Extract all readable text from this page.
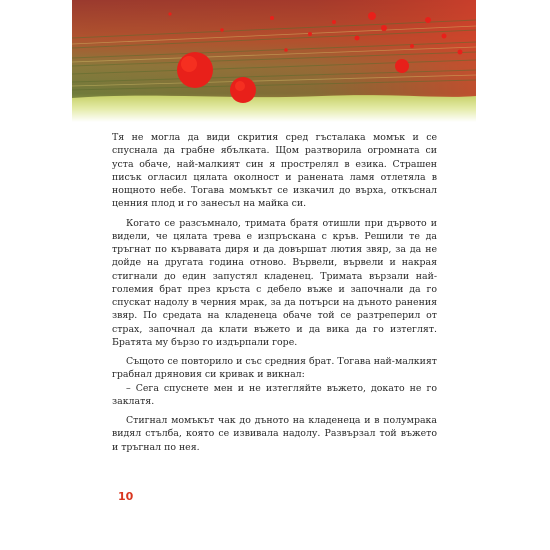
Тя не могла да види скрития сред гъсталака момък и се спуснала да грабне ябълката. Щом разтворила огромната си уста обаче, най-малкият син я прострелял в езика. Страшен писък огласил цялата околност и ранената ламя отлетяла в нощното небе. Тогава момъкът се изкачил до върха, откъснал ценния плод и го занесъл на майка си.

Когато се разсъмнало, тримата братя отишли при дървото и видели, че цялата трева е изпръскана с кръв. Решили те да тръгнат по кървавата диря и да довършат лютия звяр, за да не дойде на другата година отново. Вървели, вървели и накрая стигнали до един запустял кладенец. Тримата вързали най-големия брат през кръста с дебело въже и започнали да го спускат надолу в черния мрак, за да потърси на дъното ранения звяр. По средата на кладенеца обаче той се разтреперил от страх, започнал да клати въжето и да вика да го изтеглят. Братята му бързо го издърпали горе.

Същото се повторило и със средния брат. Тогава най-малкият грабнал дряновия си кривак и викнал:

– Сега спуснете мен и не изтегляйте въжето, докато не го заклатя.

Стигнал момъкът чак до дъното на кладенеца и в полумрака видял стълба, която се извивала надолу. Развързал той въжето и тръгнал по нея.

10
